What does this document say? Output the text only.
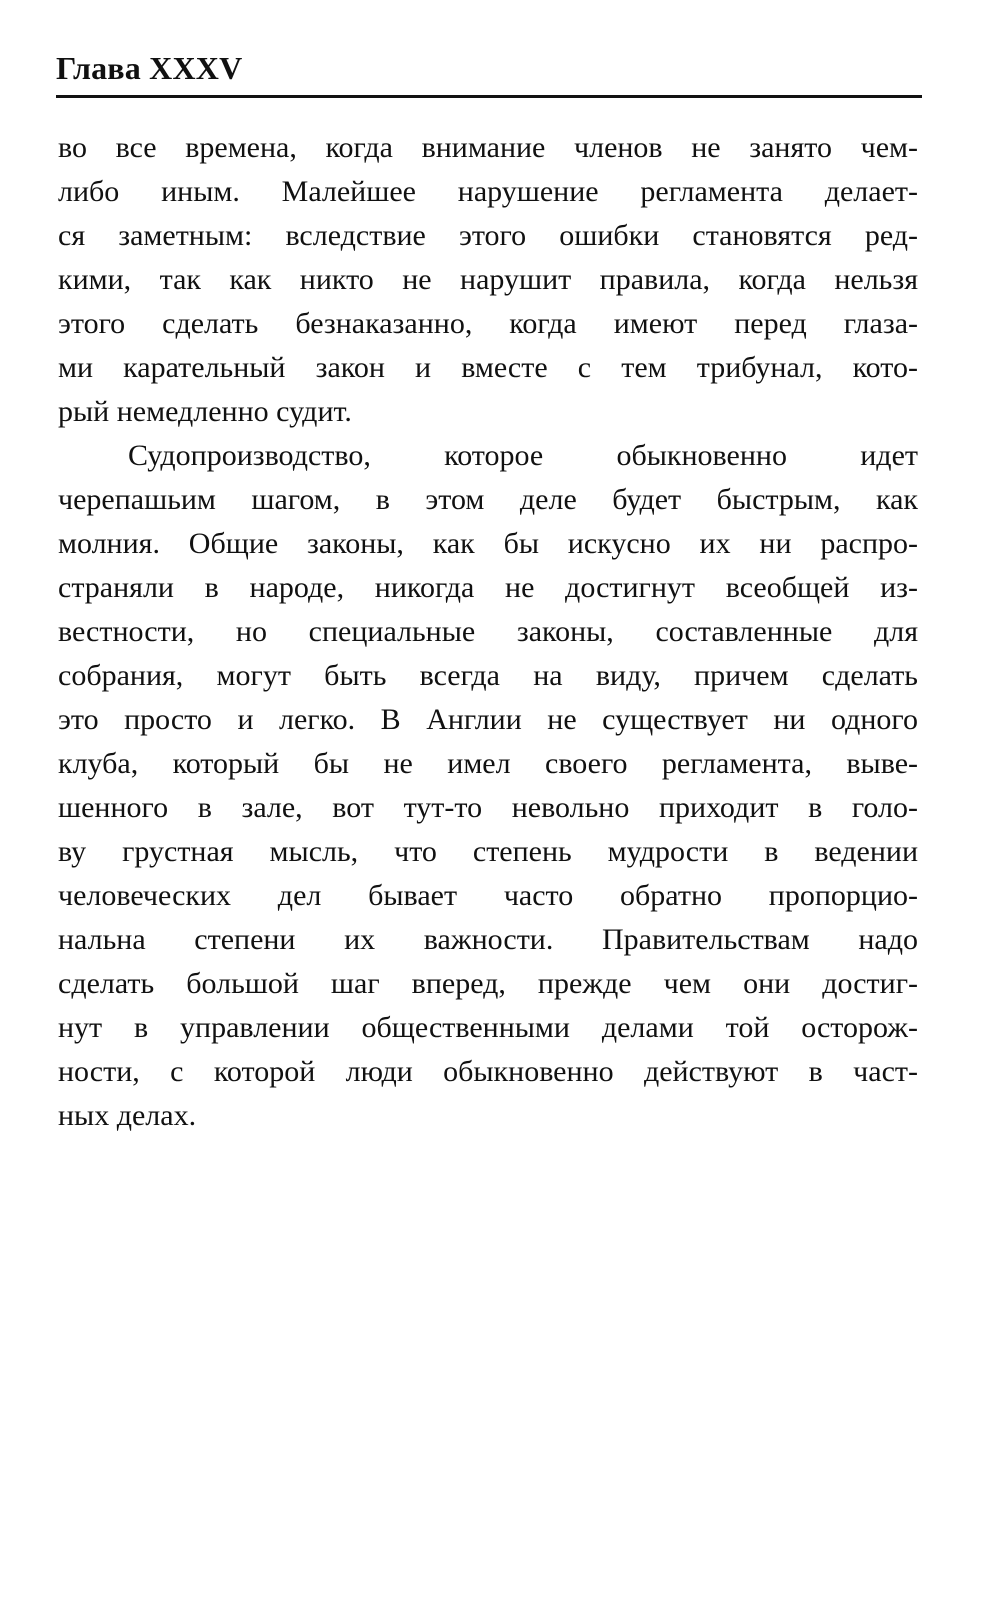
Глава XXXV
во все времена, когда внимание членов не занято чем-
либо иным. Малейшее нарушение регламента делает-
ся заметным: вследствие этого ошибки становятся ред-
кими, так как никто не нарушит правила, когда нельзя
этого сделать безнаказанно, когда имеют перед глаза-
ми карательный закон и вместе с тем трибунал, кото-
рый немедленно судит.
Судопроизводство, которое обыкновенно идет
черепашьим шагом, в этом деле будет быстрым, как
молния. Общие законы, как бы искусно их ни распро-
страняли в народе, никогда не достигнут всеобщей из-
вестности, но специальные законы, составленные для
собрания, могут быть всегда на виду, причем сделать
это просто и легко. В Англии не существует ни одного
клуба, который бы не имел своего регламента, выве-
шенного в зале, вот тут-то невольно приходит в голо-
ву грустная мысль, что степень мудрости в ведении
человеческих дел бывает часто обратно пропорцио-
нальна степени их важности. Правительствам надо
сделать большой шаг вперед, прежде чем они достиг-
нут в управлении общественными делами той осторож-
ности, с которой люди обыкновенно действуют в част-
ных делах.
